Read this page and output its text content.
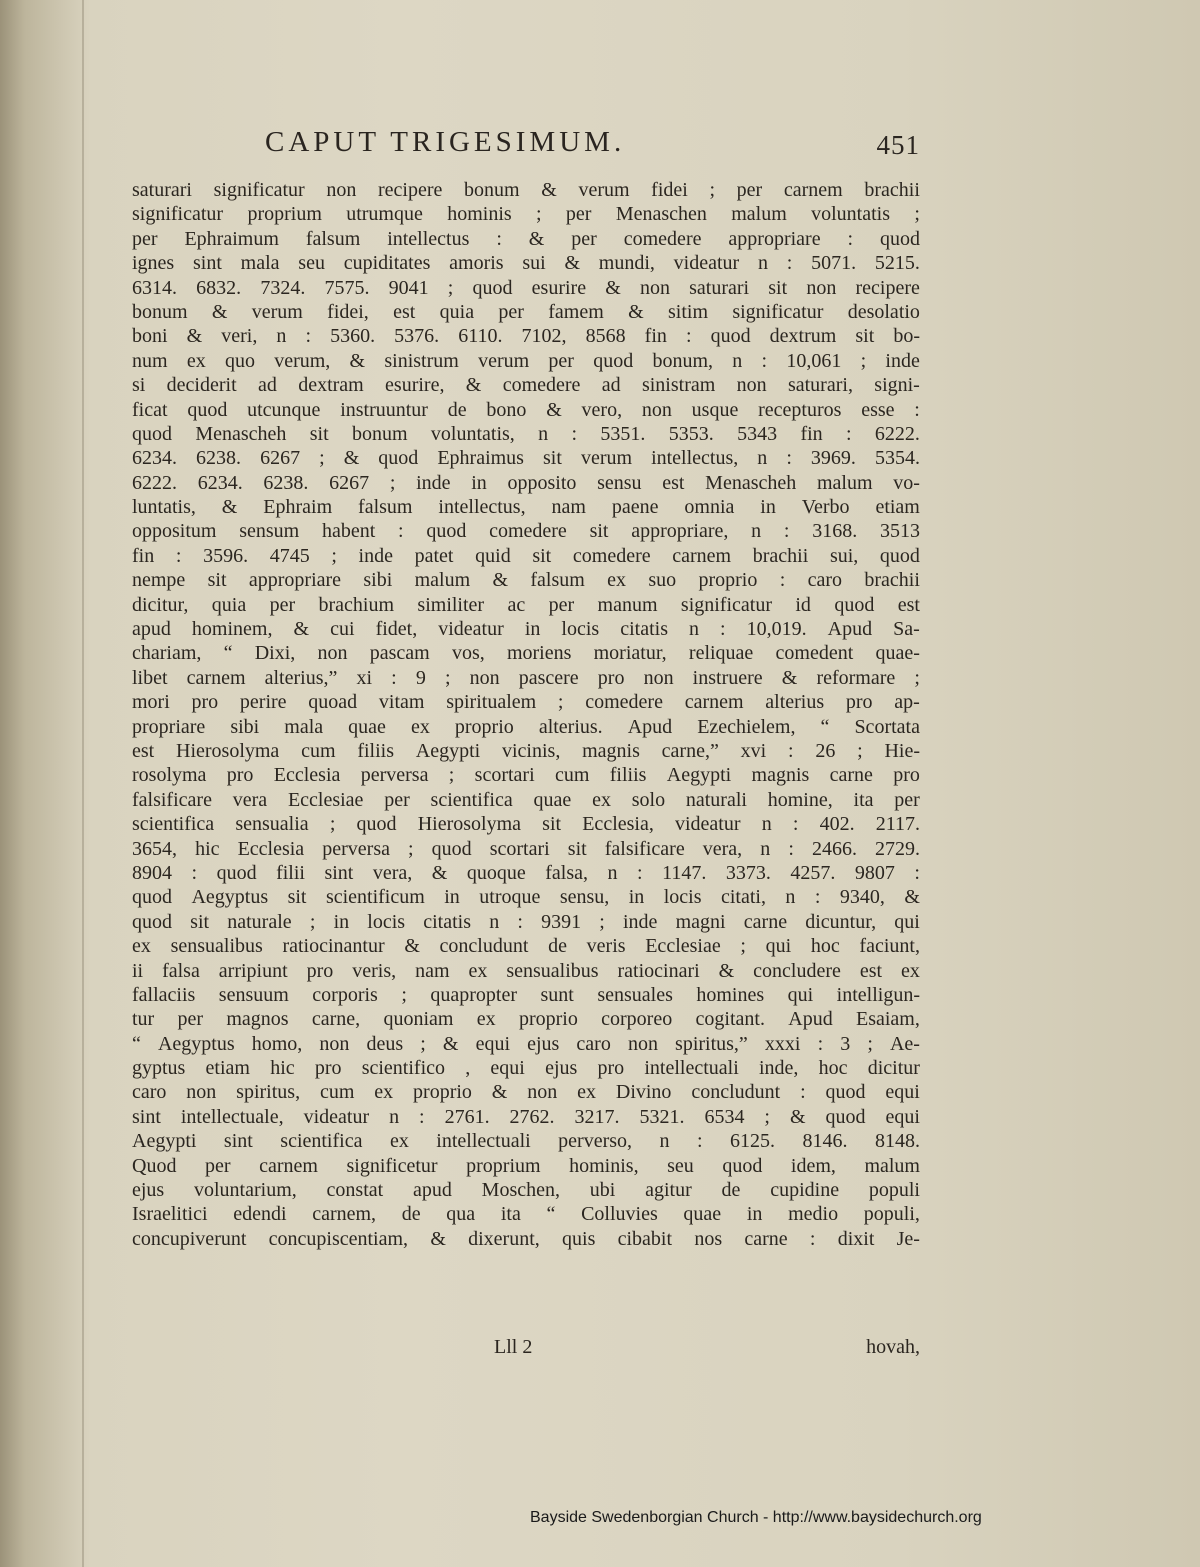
CAPUT TRIGESIMUM.	451
saturari significatur non recipere bonum & verum fidei ; per carnem brachii
significatur proprium utrumque hominis ; per Menaschen malum voluntatis ;
per Ephraimum falsum intellectus : & per comedere appropriare : quod
ignes sint mala seu cupiditates amoris sui & mundi, videatur n : 5071. 5215.
6314. 6832. 7324. 7575. 9041 ; quod esurire & non saturari sit non recipere
bonum & verum fidei, est quia per famem & sitim significatur desolatio
boni & veri, n : 5360. 5376. 6110. 7102, 8568 fin : quod dextrum sit bo-
num ex quo verum, & sinistrum verum per quod bonum, n : 10,061 ; inde
si deciderit ad dextram esurire, & comedere ad sinistram non saturari, signi-
ficat quod utcunque instruuntur de bono & vero, non usque recepturos esse :
quod Menascheh sit bonum voluntatis, n : 5351. 5353. 5343 fin : 6222.
6234. 6238. 6267 ; & quod Ephraimus sit verum intellectus, n : 3969. 5354.
6222. 6234. 6238. 6267 ; inde in opposito sensu est Menascheh malum vo-
luntatis, & Ephraim falsum intellectus, nam paene omnia in Verbo etiam
oppositum sensum habent : quod comedere sit appropriare, n : 3168. 3513
fin : 3596. 4745 ; inde patet quid sit comedere carnem brachii sui, quod
nempe sit appropriare sibi malum & falsum ex suo proprio : caro brachii
dicitur, quia per brachium similiter ac per manum significatur id quod est
apud hominem, & cui fidet, videatur in locis citatis n : 10,019. Apud Sa-
chariam, “ Dixi, non pascam vos, moriens moriatur, reliquae comedent quae-
libet carnem alterius,” xi : 9 ; non pascere pro non instruere & reformare ;
mori pro perire quoad vitam spiritualem ; comedere carnem alterius pro ap-
propriare sibi mala quae ex proprio alterius. Apud Ezechielem, “ Scortata
est Hierosolyma cum filiis Aegypti vicinis, magnis carne,” xvi : 26 ; Hie-
rosolyma pro Ecclesia perversa ; scortari cum filiis Aegypti magnis carne pro
falsificare vera Ecclesiae per scientifica quae ex solo naturali homine, ita per
scientifica sensualia ; quod Hierosolyma sit Ecclesia, videatur n : 402. 2117.
3654, hic Ecclesia perversa ; quod scortari sit falsificare vera, n : 2466. 2729.
8904 : quod filii sint vera, & quoque falsa, n : 1147. 3373. 4257. 9807 :
quod Aegyptus sit scientificum in utroque sensu, in locis citati, n : 9340, &
quod sit naturale ; in locis citatis n : 9391 ; inde magni carne dicuntur, qui
ex sensualibus ratiocinantur & concludunt de veris Ecclesiae ; qui hoc faciunt,
ii falsa arripiunt pro veris, nam ex sensualibus ratiocinari & concludere est ex
fallaciis sensuum corporis ; quapropter sunt sensuales homines qui intelligun-
tur per magnos carne, quoniam ex proprio corporeo cogitant. Apud Esaiam,
“ Aegyptus homo, non deus ; & equi ejus caro non spiritus,” xxxi : 3 ; Ae-
gyptus etiam hic pro scientifico , equi ejus pro intellectuali inde, hoc dicitur
caro non spiritus, cum ex proprio & non ex Divino concludunt : quod equi
sint intellectuale, videatur n : 2761. 2762. 3217. 5321. 6534 ; & quod equi
Aegypti sint scientifica ex intellectuali perverso, n : 6125. 8146. 8148.
Quod per carnem significetur proprium hominis, seu quod idem, malum
ejus voluntarium, constat apud Moschen, ubi agitur de cupidine populi
Israelitici edendi carnem, de qua ita “ Colluvies quae in medio populi,
concupiverunt concupiscentiam, & dixerunt, quis cibabit nos carne : dixit Je-
Lll 2	hovah,
Bayside Swedenborgian Church - http://www.baysidechurch.org
